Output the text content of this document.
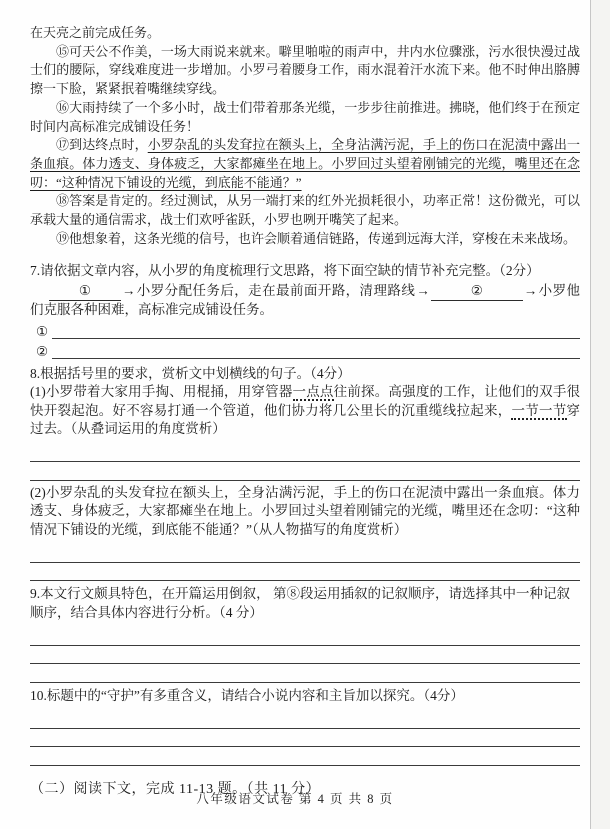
在天亮之前完成任务。

⑮可天公不作美，一场大雨说来就来。噼里啪啦的雨声中，井内水位骤涨，污水很快漫过战士们的腰际，穿线难度进一步增加。小罗弓着腰身工作，雨水混着汗水流下来。他不时伸出胳膊擦一下脸，紧紧抿着嘴继续穿线。

⑯大雨持续了一个多小时，战士们带着那条光缆，一步步往前推进。拂晓，他们终于在预定时间内高标准完成铺设任务！

⑰到达终点时，小罗杂乱的头发耷拉在额头上，全身沾满污泥，手上的伤口在泥渍中露出一条血痕。体力透支、身体疲乏，大家都瘫坐在地上。小罗回过头望着刚铺完的光缆，嘴里还在念叨：“这种情况下铺设的光缆，到底能不能通？”

⑱答案是肯定的。经过测试，从另一端打来的红外光损耗很小，功率正常！这份微光，可以承载大量的通信需求，战士们欢呼雀跃，小罗也咧开嘴笑了起来。

⑲他想象着，这条光缆的信号，也许会顺着通信链路，传递到远海大洋，穿梭在未来战场。

7.请依据文章内容，从小罗的角度梳理行文思路，将下面空缺的情节补充完整。（2分）

① →小罗分配任务后，走在最前面开路，清理路线→	②	→小罗他们克服各种困难，高标准完成铺设任务。

①
②

8.根据括号里的要求，赏析文中划横线的句子。（4分）

(1)小罗带着大家用手掏、用棍捅，用穿管器一点点往前探。高强度的工作，让他们的双手很快开裂起泡。好不容易打通一个管道，他们协力将几公里长的沉重缆线拉起来，一节一节穿过去。（从叠词运用的角度赏析）

(2)小罗杂乱的头发耷拉在额头上，全身沾满污泥，手上的伤口在泥渍中露出一条血痕。体力透支、身体疲乏，大家都瘫坐在地上。小罗回过头望着刚铺完的光缆，嘴里还在念叨：“这种情况下铺设的光缆，到底能不能通？”（从人物描写的角度赏析）

9.本文行文颇具特色，在开篇运用倒叙， 第⑧段运用插叙的记叙顺序，请选择其中一种记叙顺序，结合具体内容进行分析。（4 分）

10.标题中的“守护”有多重含义，请结合小说内容和主旨加以探究。（4分）

（二）阅读下文，完成 11-13 题。（共 11 分）

八年级语文试卷 第 4 页 共 8 页
